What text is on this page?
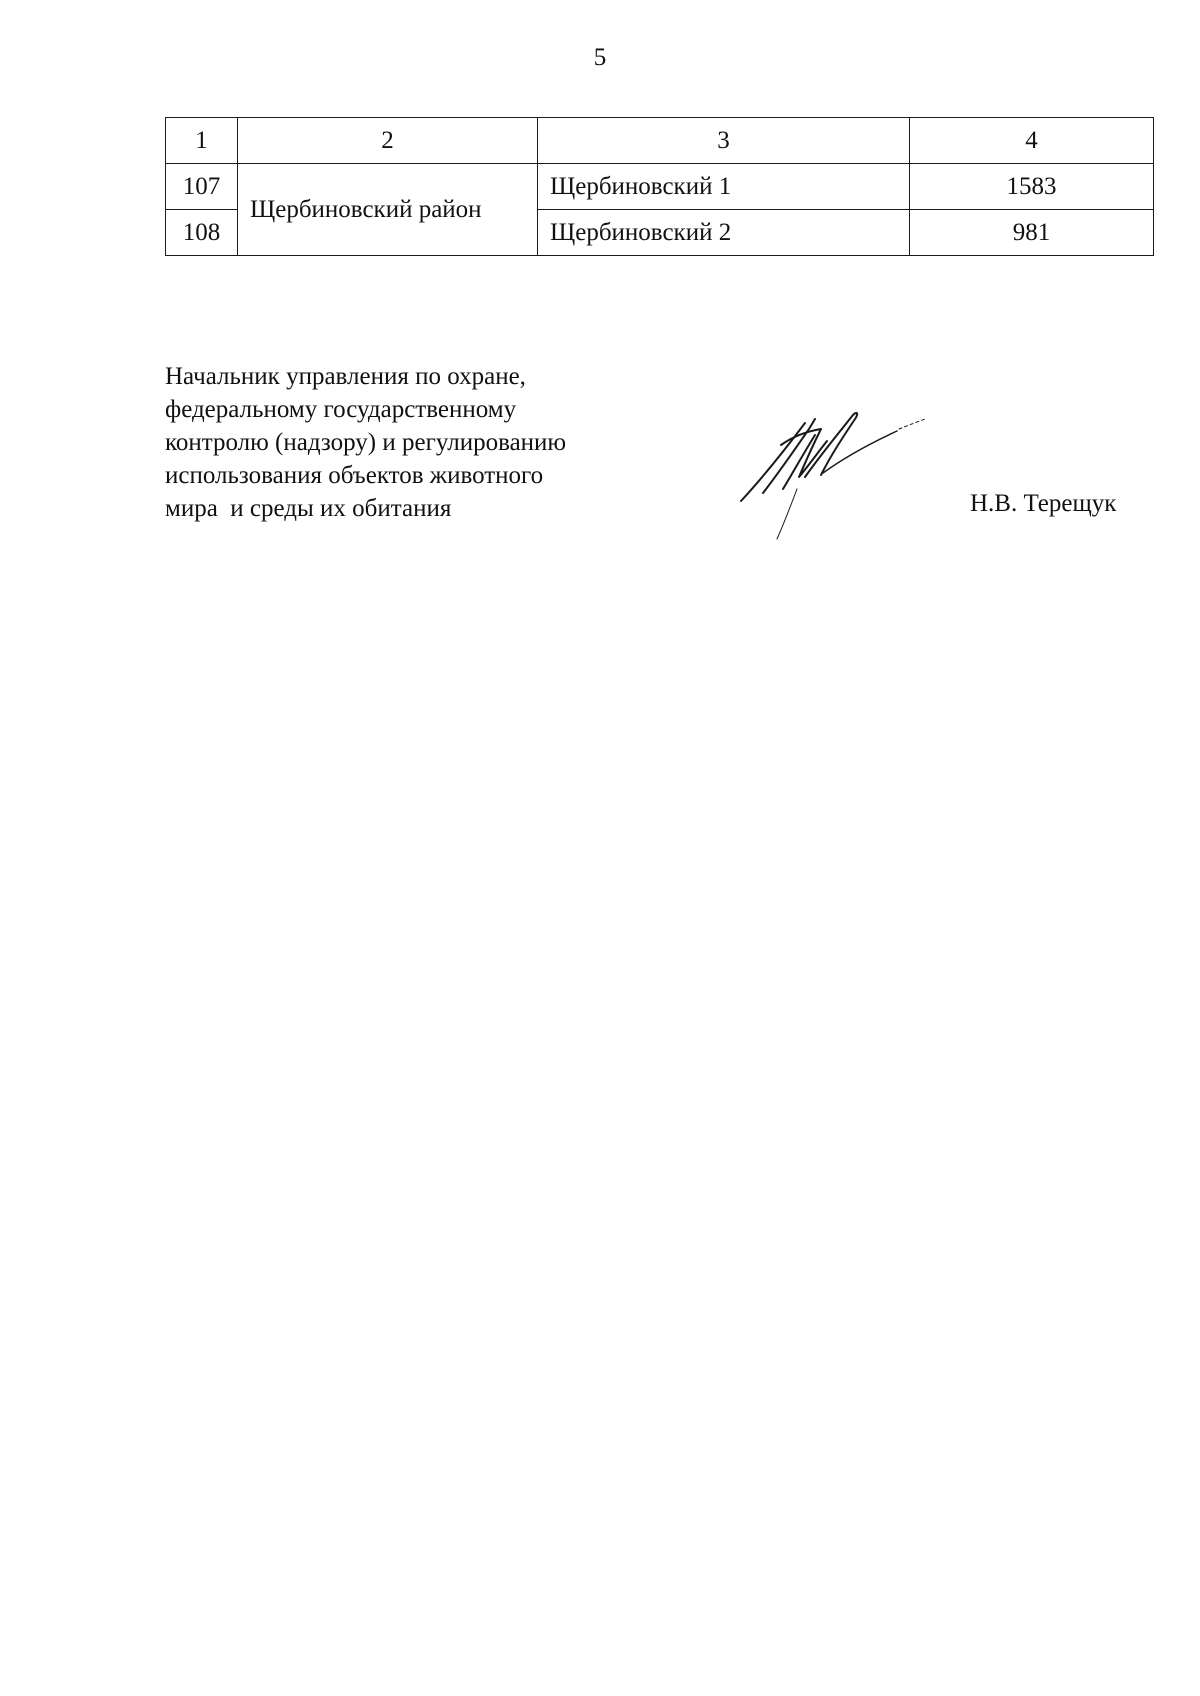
5
1	2	3	4
107	Щербиновский район	Щербиновский 1	1583
108		Щербиновский 2	981
Начальник управления по охране,
федеральному государственному
контролю (надзору) и регулированию
использования объектов животного
мира  и среды их обитания	Н.В. Терещук
